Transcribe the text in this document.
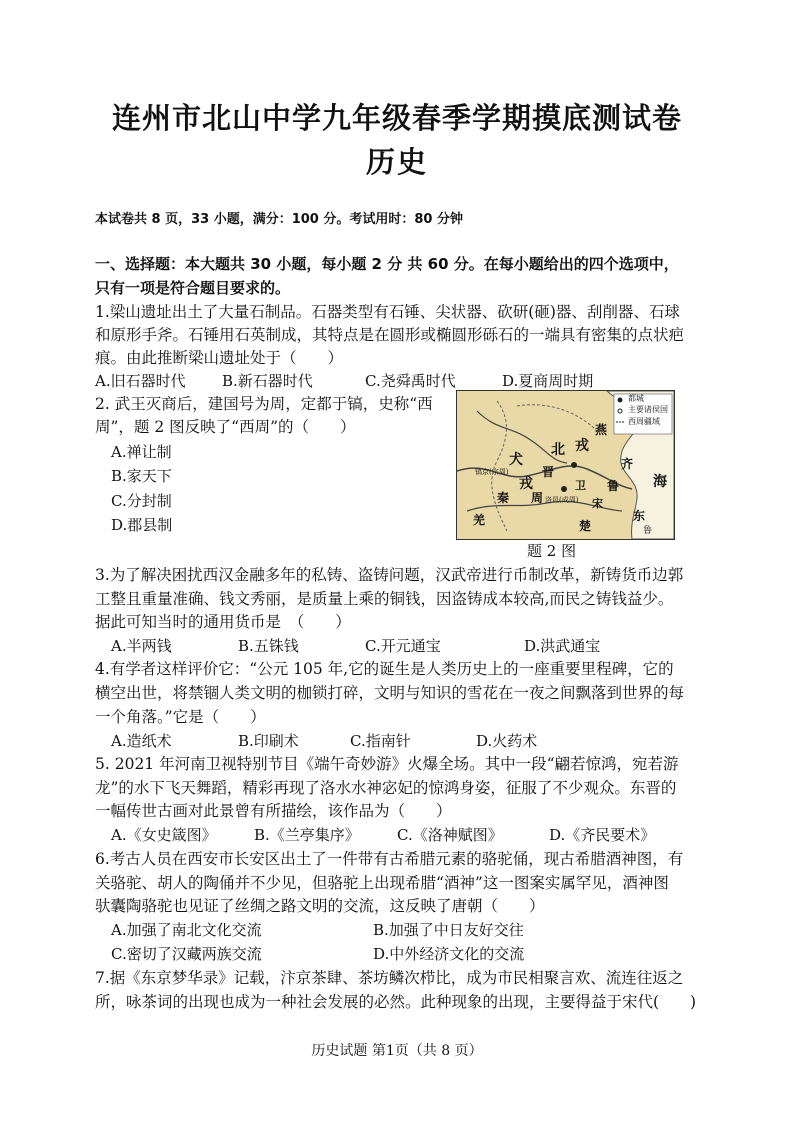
连州市北山中学九年级春季学期摸底测试卷
历史
本试卷共 8 页，33 小题，满分：100 分。考试用时：80 分钟
一、选择题：本大题共 30 小题，每小题 2 分 共 60 分。在每小题给出的四个选项中，
只有一项是符合题目要求的。
1.梁山遗址出土了大量石制品。石器类型有石锤、尖状器、砍研(砸)器、刮削器、石球
和原形手斧。石锤用石英制成，其特点是在圆形或椭圆形砾石的一端具有密集的点状疤
痕。由此推断梁山遗址处于（　　）
A.旧石器时代 B.新石器时代	C.尧舜禹时代	D.夏商周时期
2. 武王灭商后，建国号为周，定都于镐，史称“西
周”，题 2 图反映了“西周”的（　　）
A.禅让制
B.家天下
C.分封制
D.郡县制
都城
主要诸侯国
西周疆域
犬
戎
北 戎
燕
齐
鲁
宋
晋
卫
秦 周
羌	楚
海
东
鲁
洛邑(成周)
镐京(宗周)
题 2 图
3.为了解决困扰西汉金融多年的私铸、盗铸问题，汉武帝进行币制改革，新铸货币边郭
工整且重量准确、钱文秀丽，是质量上乘的铜钱，因盗铸成本较高,而民之铸钱益少。
据此可知当时的通用货币是　（　　）
A.半两钱	B.五铢钱	C.开元通宝	D.洪武通宝
4.有学者这样评价它：“公元 105 年,它的诞生是人类历史上的一座重要里程碑，它的
横空出世，将禁锢人类文明的枷锁打碎，文明与知识的雪花在一夜之间飘落到世界的每
一个角落。”它是（　　）
A.造纸术	B.印刷术	C.指南针	D.火药术
5. 2021 年河南卫视特别节目《端午奇妙游》火爆全场。其中一段“翩若惊鸿，宛若游
龙”的水下飞天舞蹈，精彩再现了洛水水神宓妃的惊鸿身姿，征服了不少观众。东晋的
一幅传世古画对此景曾有所描绘，该作品为（　　）
A.《女史箴图》 B.《兰亭集序》 C.《洛神赋图》	D.《齐民要术》
6.考古人员在西安市长安区出土了一件带有古希腊元素的骆驼俑，现古希腊酒神图，有
关骆驼、胡人的陶俑并不少见，但骆驼上出现希腊“酒神”这一图案实属罕见，酒神图
驮囊陶骆驼也见证了丝绸之路文明的交流，这反映了唐朝（　　）
A.加强了南北文化交流	B.加强了中日友好交往
C.密切了汉藏两族交流	D.中外经济文化的交流
7.据《东京梦华录》记载，汴京茶肆、茶坊鳞次栉比，成为市民相聚言欢、流连往返之
所，咏茶词的出现也成为一种社会发展的必然。此种现象的出现，主要得益于宋代(　　)
历史试题 第1页（共 8 页）
